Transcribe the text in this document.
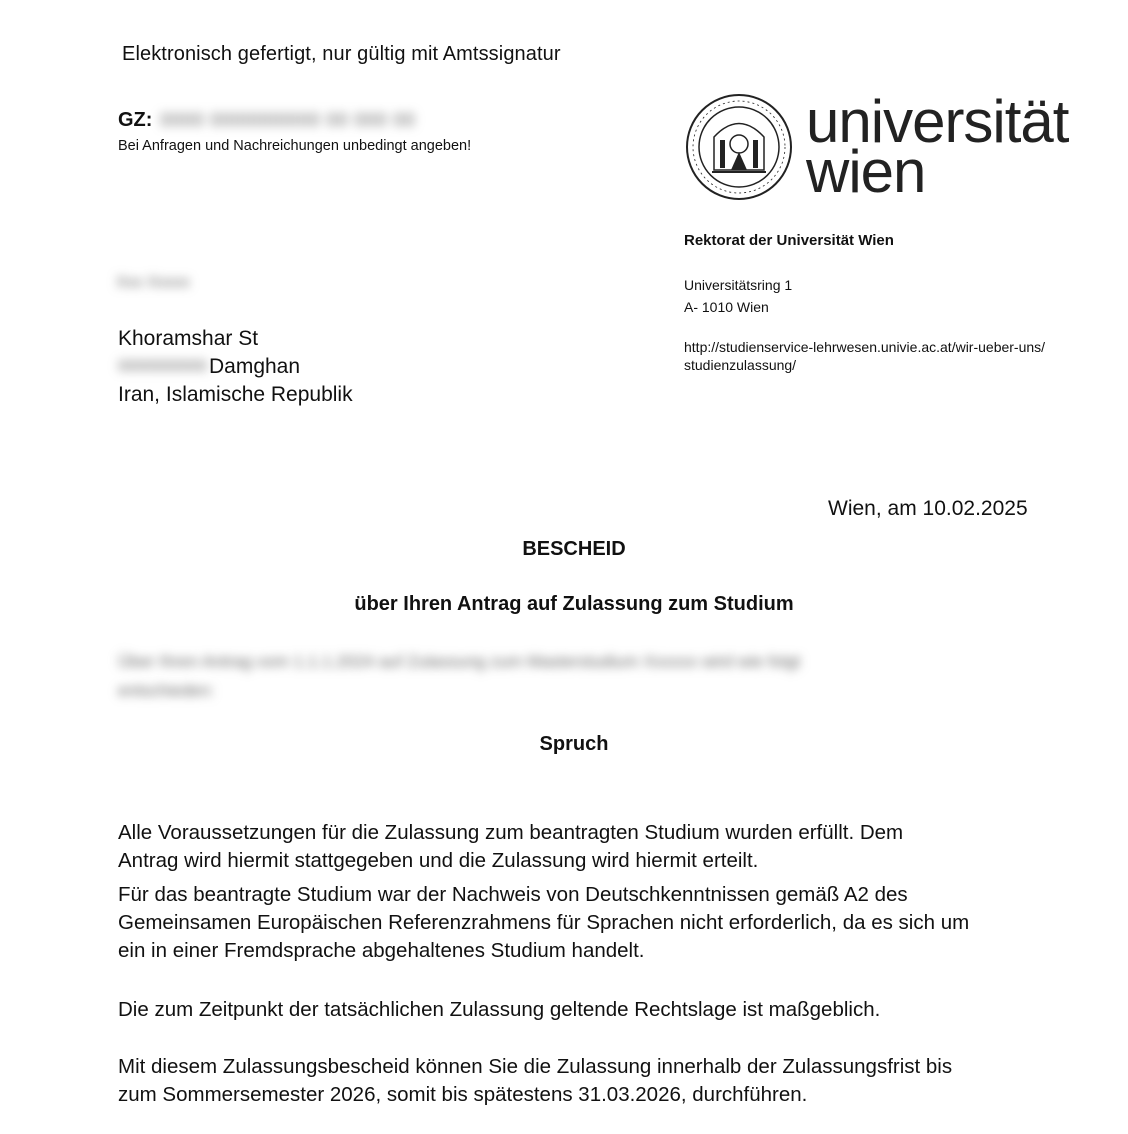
Elektronisch gefertigt, nur gültig mit Amtssignatur
GZ: 0000 0000000000 00 000 00
Bei Anfragen und Nachreichungen unbedingt angeben!	universität
wien
Rektorat der Universität Wien
Universitätsring 1
A- 1010 Wien
http://studienservice-lehrwesen.univie.ac.at/wir-ueber-uns/
studienzulassung/
Xxx Xxxxx
Khoramshar St
0000000000 Damghan
Iran, Islamische Republik
Wien, am 10.02.2025
BESCHEID
über Ihren Antrag auf Zulassung zum Studium
Über Ihren Antrag vom 1.1.1.2024 auf Zulassung zum Masterstudium Xxxxxx wird wie folgt
entschieden:
Spruch
Alle Voraussetzungen für die Zulassung zum beantragten Studium wurden erfüllt. Dem
Antrag wird hiermit stattgegeben und die Zulassung wird hiermit erteilt.
Für das beantragte Studium war der Nachweis von Deutschkenntnissen gemäß A2 des
Gemeinsamen Europäischen Referenzrahmens für Sprachen nicht erforderlich, da es sich um
ein in einer Fremdsprache abgehaltenes Studium handelt.
Die zum Zeitpunkt der tatsächlichen Zulassung geltende Rechtslage ist maßgeblich.
Mit diesem Zulassungsbescheid können Sie die Zulassung innerhalb der Zulassungsfrist bis
zum Sommersemester 2026, somit bis spätestens 31.03.2026, durchführen.
